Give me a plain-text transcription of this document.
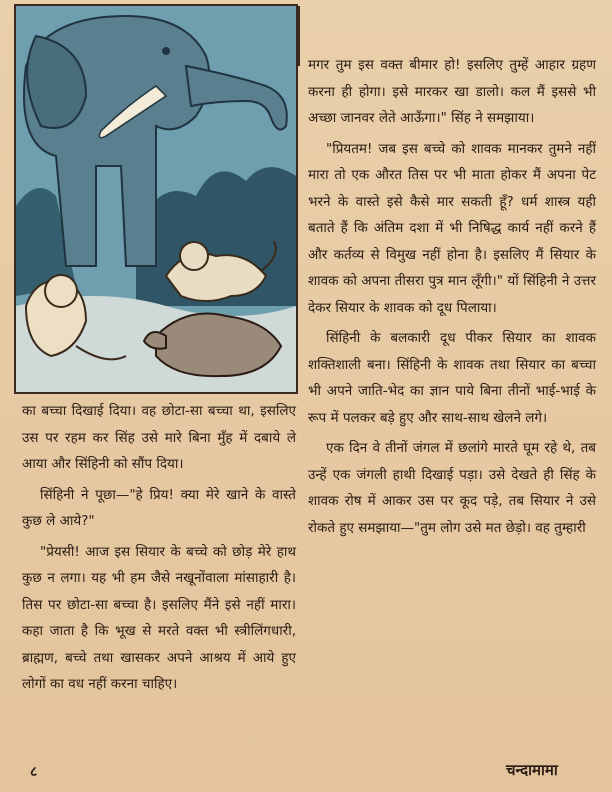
मगर तुम इस वक्त बीमार हो! इसलिए तुम्हें आहार ग्रहण करना ही होगा। इसे मारकर खा डालो। कल मैं इससे भी अच्छा जानवर लेते आऊँगा।" सिंह ने समझाया।

"प्रियतम! जब इस बच्चे को शावक मानकर तुमने नहीं मारा तो एक औरत तिस पर भी माता होकर मैं अपना पेट भरने के वास्ते इसे कैसे मार सकती हूँ? धर्म शास्त्र यही बताते हैं कि अंतिम दशा में भी निषिद्ध कार्य नहीं करने हैं और कर्तव्य से विमुख नहीं होना है। इसलिए मैं सियार के शावक को अपना तीसरा पुत्र मान लूँगी।" यों सिंहिनी ने उत्तर देकर सियार के शावक को दूध पिलाया।

सिंहिनी के बलकारी दूध पीकर सियार का शावक शक्तिशाली बना। सिंहिनी के शावक तथा सियार का बच्चा भी अपने जाति-भेद का ज्ञान पाये बिना तीनों भाई-भाई के रूप में पलकर बड़े हुए और साथ-साथ खेलने लगे।

एक दिन वे तीनों जंगल में छलांगे मारते घूम रहे थे, तब उन्हें एक जंगली हाथी दिखाई पड़ा। उसे देखते ही सिंह के शावक रोष में आकर उस पर कूद पड़े, तब सियार ने उसे रोकते हुए समझाया—"तुम लोग उसे मत छेड़ो। वह तुम्हारी

का बच्चा दिखाई दिया। वह छोटा-सा बच्चा था, इसलिए उस पर रहम कर सिंह उसे मारे बिना मुँह में दबाये ले आया और सिंहिनी को सौंप दिया।

सिंहिनी ने पूछा—"हे प्रिय! क्या मेरे खाने के वास्ते कुछ ले आये?"

"प्रेयसी! आज इस सियार के बच्चे को छोड़ मेरे हाथ कुछ न लगा। यह भी हम जैसे नखूनोंवाला मांसाहारी है। तिस पर छोटा-सा बच्चा है। इसलिए मैंने इसे नहीं मारा। कहा जाता है कि भूख से मरते वक्त भी स्त्रीलिंगधारी, ब्राह्मण, बच्चे तथा खासकर अपने आश्रय में आये हुए लोगों का वध नहीं करना चाहिए।

८	चन्दामामा
